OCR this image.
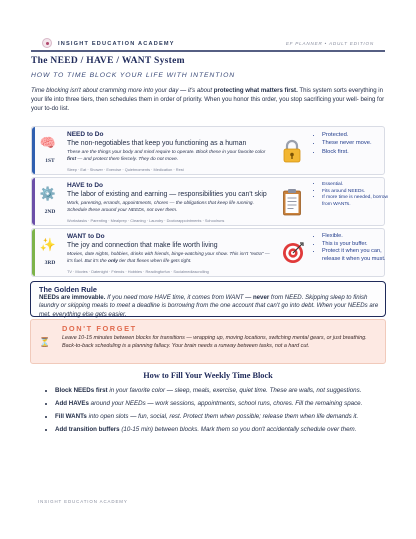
INSIGHT EDUCATION ACADEMY	EF PLANNER • ADULT EDITION
The NEED / HAVE / WANT System
HOW TO TIME BLOCK YOUR LIFE WITH INTENTION
Time blocking isn't about cramming more into your day — it's about protecting what matters first. This system sorts everything in your life into three tiers, then schedules them in order of priority. When you honor this order, you stop sacrificing your well- being for your to-do list.
🧠
1ST
NEED to Do
The non-negotiables that keep you functioning as a human
These are the things your body and mind require to operate. Block these in your favorite color first — and protect them fiercely. They do not move.
Sleep · Eat · Shower · Exercise · Quietmoments · Medication · Rest
• Protected.
• These never move.
• Block first.
⚙️
2ND
HAVE to Do
The labor of existing and earning — responsibilities you can't skip
Work, parenting, errands, appointments, chores — the obligations that keep life running. Schedule these around your NEEDs, not over them.
Workstasks · Parenting · Mealprep · Cleaning · Laundry · Doctorappointments · Schoolruns
• Essential.
• Fits around NEEDs.
• If more time is needed, borrow from WANTs.
✨
3RD
WANT to Do
The joy and connection that make life worth living
Movies, date nights, hobbies, drinks with friends, binge-watching your show. This isn't "extra" — it's fuel. But it's the only tier that flexes when life gets tight.
TV · Movies · Datenight · Friends · Hobbies · Readingforfun · Socialmediascrolling
• Flexible.
• This is your buffer.
• Protect it when you can, release it when you must.
The Golden Rule
NEEDs are immovable. If you need more HAVE time, it comes from WANT — never from NEED. Skipping sleep to finish laundry or skipping meals to meet a deadline is borrowing from the one account that can't go into debt. When your NEEDs are met, everything else gets easier.
⏳
DON'T FORGET
Leave 10-15 minutes between blocks for transitions — wrapping up, moving locations, switching mental gears, or just breathing. Back-to-back scheduling is a planning fallacy. Your brain needs a runway between tasks, not a hard cut.
How to Fill Your Weekly Time Block
• Block NEEDs first in your favorite color — sleep, meals, exercise, quiet time. These are walls, not suggestions.
• Add HAVEs around your NEEDs — work sessions, appointments, school runs, chores. Fill the remaining space.
• Fill WANTs into open slots — fun, social, rest. Protect them when possible; release them when life demands it.
• Add transition buffers (10-15 min) between blocks. Mark them so you don't accidentally schedule over them.
INSIGHT EDUCATION ACADEMY
